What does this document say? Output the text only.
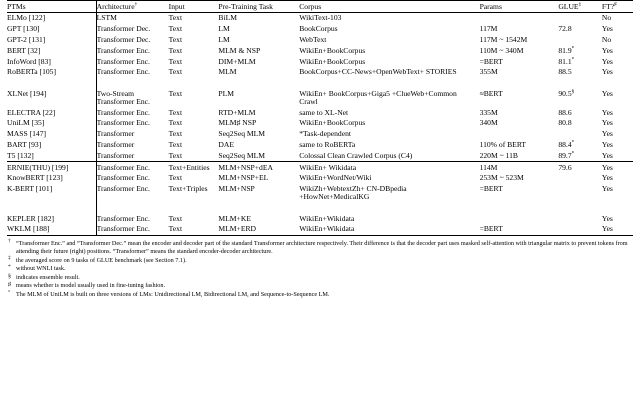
PTMs	Architecture†	Input	Pre-Training Task	Corpus	Params	GLUE‡	FT?♯
ELMo [122]	LSTM	Text	BiLM	WikiText-103			No
GPT [130]	Transformer Dec.	Text	LM	BookCorpus	117M	72.8	Yes
GPT-2 [131]	Transformer Dec.	Text	LM	WebText	117M ~ 1542M		No
BERT [32]	Transformer Enc.	Text	MLM & NSP	WikiEn+BookCorpus	110M ~ 340M	81.9*	Yes
InfoWord [83]	Transformer Enc.	Text	DIM+MLM	WikiEn+BookCorpus	=BERT	81.1*	Yes
RoBERTa [105]	Transformer Enc.	Text	MLM	BookCorpus+CC-News+OpenWebText+ STORIES	355M	88.5	Yes

XLNet [194]	Two-Stream Transformer Enc.	Text	PLM	WikiEn+ BookCorpus+Giga5 +ClueWeb+Common Crawl	≈BERT	90.5§	Yes
ELECTRA [22]	Transformer Enc.	Text	RTD+MLM	same to XL-Net	335M	88.6	Yes
UniLM [35]	Transformer Enc.	Text	MLM♯ NSP	WikiEn+BookCorpus	340M	80.8	Yes
MASS [147]	Transformer	Text	Seq2Seq MLM	*Task-dependent			Yes
BART [93]	Transformer	Text	DAE	same to RoBERTa	110% of BERT	88.4*	Yes
T5 [132]	Transformer	Text	Seq2Seq MLM	Colossal Clean Crawled Corpus (C4)	220M ~ 11B	89.7*	Yes
ERNIE(THU) [199]	Transformer Enc.	Text+Entities	MLM+NSP+dEA	WikiEn+ Wikidata	114M	79.6	Yes
KnowBERT [123]	Transformer Enc.	Text	MLM+NSP+EL	WikiEn+WordNet/Wiki	253M ~ 523M		Yes
K-BERT [101]	Transformer Enc.	Text+Triples	MLM+NSP	WikiZh+WebtextZh+ CN-DBpedia +HowNet+MedicalKG	=BERT		Yes

KEPLER [182]	Transformer Enc.	Text	MLM+KE	WikiEn+Wikidata			Yes
WKLM [188]	Transformer Enc.	Text	MLM+ERD	WikiEn+Wikidata	=BERT		Yes
† “Transformer Enc.” and “Transformer Dec.” mean the encoder and decoder part of the standard Transformer architecture respectively. Their difference is that the decoder part uses masked self-attention with triangular matrix to prevent tokens from attending their future (right) positions. “Transformer” means the standard encoder-decoder architecture.
‡ the averaged score on 9 tasks of GLUE benchmark (see Section 7.1).
* without WNLI task.
§ indicates ensemble result.
♯ means whether is model usually used in fine-tuning fashion.
° The MLM of UniLM is built on three versions of LMs: Unidirectional LM, Bidirectional LM, and Sequence-to-Sequence LM.
